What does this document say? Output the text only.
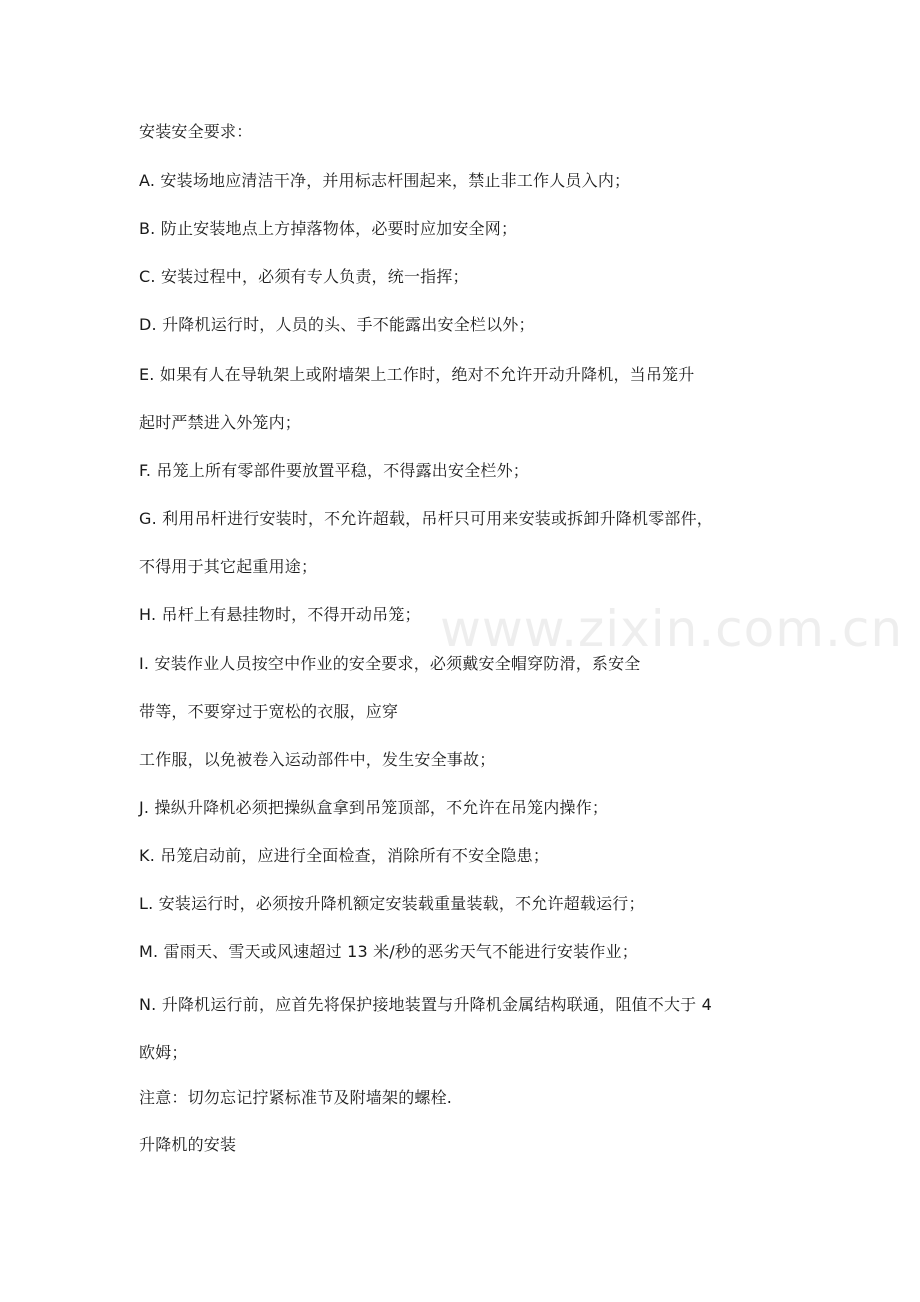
www.zixin.com.cn
安装安全要求：
A. 安装场地应清洁干净，并用标志杆围起来，禁止非工作人员入内；
B. 防止安装地点上方掉落物体，必要时应加安全网；
C. 安装过程中，必须有专人负责，统一指挥；
D. 升降机运行时，人员的头、手不能露出安全栏以外；
E. 如果有人在导轨架上或附墙架上工作时，绝对不允许开动升降机，当吊笼升
起时严禁进入外笼内；
F. 吊笼上所有零部件要放置平稳，不得露出安全栏外；
G. 利用吊杆进行安装时，不允许超载，吊杆只可用来安装或拆卸升降机零部件，
不得用于其它起重用途；
H. 吊杆上有悬挂物时，不得开动吊笼；
I. 安装作业人员按空中作业的安全要求，必须戴安全帽穿防滑，系安全
带等，不要穿过于宽松的衣服，应穿
工作服，以免被卷入运动部件中，发生安全事故；
J. 操纵升降机必须把操纵盒拿到吊笼顶部，不允许在吊笼内操作；
K. 吊笼启动前，应进行全面检查，消除所有不安全隐患；
L. 安装运行时，必须按升降机额定安装载重量装载，不允许超载运行；
M. 雷雨天、雪天或风速超过 13 米/秒的恶劣天气不能进行安装作业；
N. 升降机运行前，应首先将保护接地装置与升降机金属结构联通，阻值不大于 4
欧姆；
注意：切勿忘记拧紧标准节及附墙架的螺栓.
升降机的安装
